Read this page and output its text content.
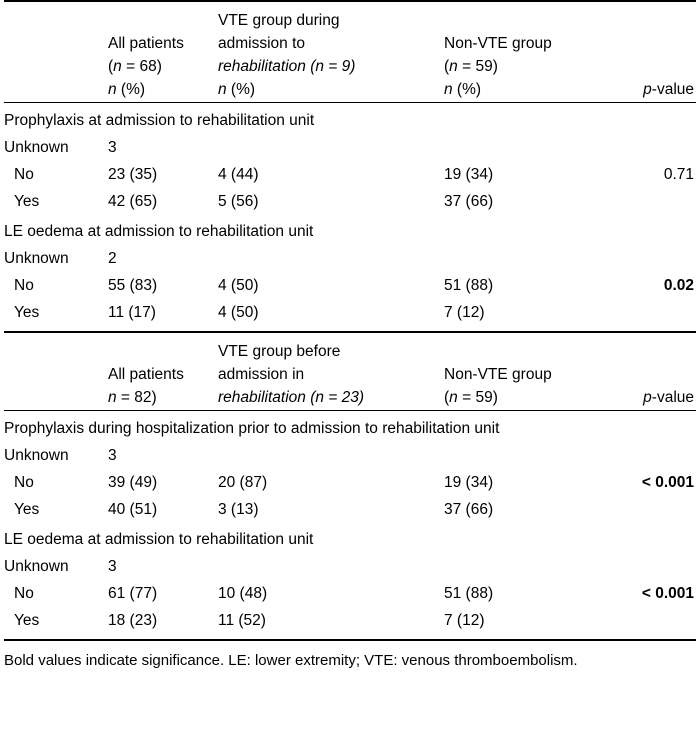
		VTE group during		
	All patients	admission to	Non-VTE group	
	(n = 68)	rehabilitation (n = 9)	(n = 59)	
	n (%)	n (%)	n (%)	p-value
Prophylaxis at admission to rehabilitation unit				
Unknown	3			
No	23 (35)	4 (44)	19 (34)	0.71
Yes	42 (65)	5 (56)	37 (66)	
LE oedema at admission to rehabilitation unit				
Unknown	2			
No	55 (83)	4 (50)	51 (88)	0.02
Yes	11 (17)	4 (50)	7 (12)	

		VTE group before		
	All patients	admission in	Non-VTE group	
	n = 82)	rehabilitation (n = 23)	(n = 59)	p-value
Prophylaxis during hospitalization prior to admission to rehabilitation unit				
Unknown	3			
No	39 (49)	20 (87)	19 (34)	< 0.001
Yes	40 (51)	3 (13)	37 (66)	
LE oedema at admission to rehabilitation unit				
Unknown	3			
No	61 (77)	10 (48)	51 (88)	< 0.001
Yes	18 (23)	11 (52)	7 (12)	

Bold values indicate significance. LE: lower extremity; VTE: venous thromboembolism.
